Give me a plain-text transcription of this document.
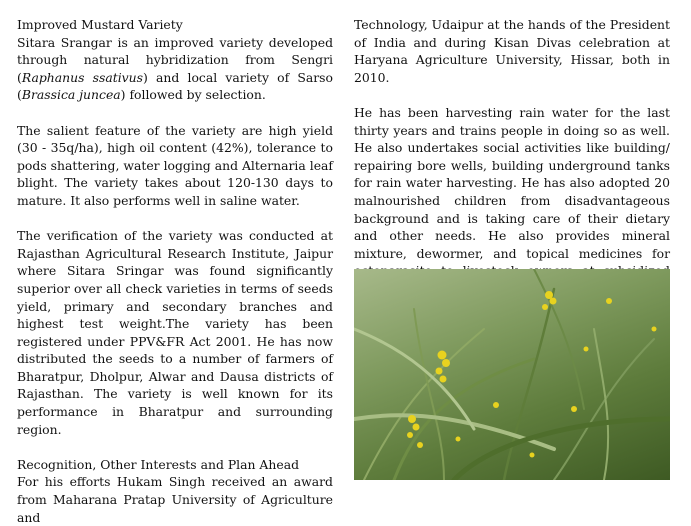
Improved Mustard Variety

Sitara Srangar is an improved variety developed through natural hybridization from Sengri (Raphanus ssativus) and local variety of Sarso (Brassica juncea) followed by selection.

The salient feature of the variety are high yield (30 - 35q/ha), high oil content (42%), tolerance to pods shattering, water logging and Alternaria leaf blight. The variety takes about 120-130 days to mature. It also performs well in saline water.

The verification of the variety was conducted at Rajasthan Agricultural Research Institute, Jaipur where Sitara Sringar was found significantly superior over all check varieties in terms of seeds yield, primary and secondary branches and highest test weight.The variety has been registered under PPV&FR Act 2001. He has now distributed the seeds to a number of farmers of Bharatpur, Dholpur, Alwar and Dausa districts of Rajasthan. The variety is well known for its performance in Bharatpur and surrounding region.

Recognition, Other Interests and Plan Ahead

For his efforts Hukam Singh received an award from Maharana Pratap University of Agriculture and

Technology, Udaipur at the hands of the President of India and during Kisan Divas celebration at Haryana Agriculture University, Hissar, both in 2010.

He has been harvesting rain water for the last thirty years and trains people in doing so as well. He also undertakes social activities like building/ repairing bore wells, building underground tanks for rain water harvesting. He has also adopted 20 malnourished children from disadvantageous background and is taking care of their dietary and other needs. He also provides mineral mixture, dewormer, and topical medicines for
